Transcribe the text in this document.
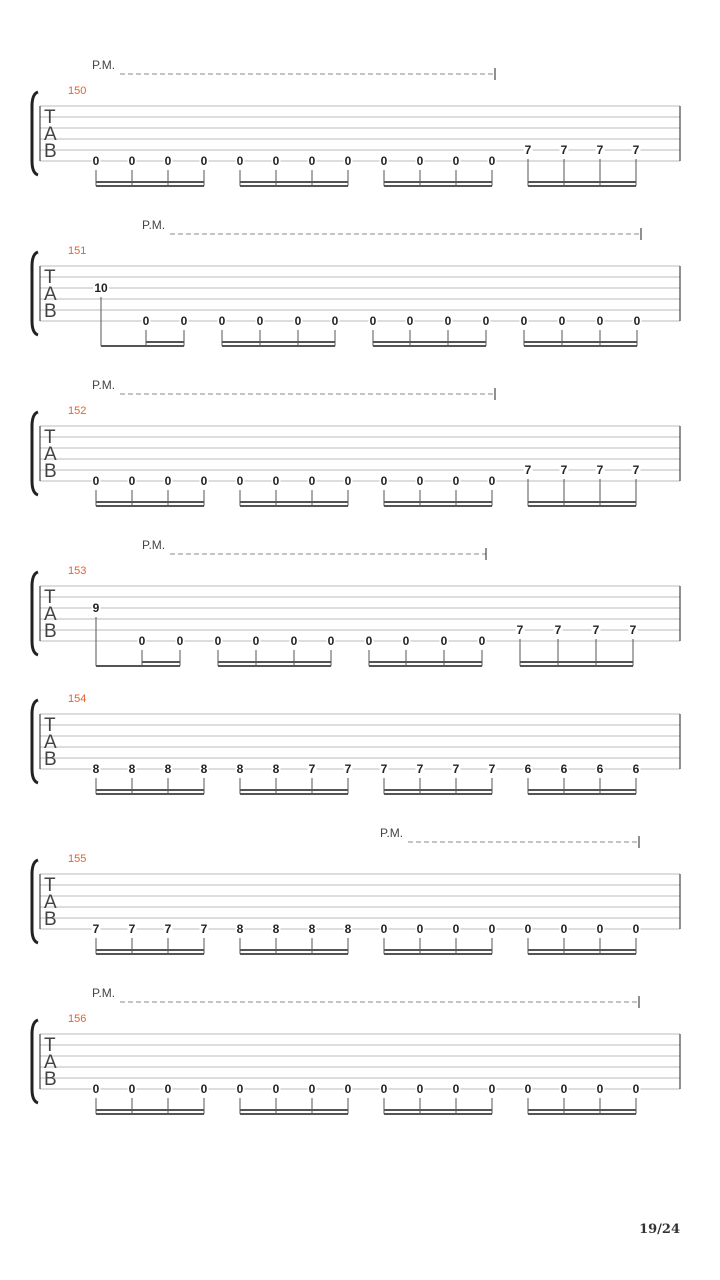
T
A
B
150
P.M.
0 0 0 0 0 0 0 0 0 0 0 0
7 7 7 7
T
A
B
151
P.M.
10
0	0	0	0	0	0	0	0	0	0	0	0	0	0
T
A
B
152
P.M.
0 0 0 0 0 0 0 0 0 0 0 0
7 7 7 7
T
A
B
153
P.M.
9
0	0	0	0	0	0	0	0	0	0
7	7	7	7
T
A
B
154
8 8 8 8 8 8 7 7 7 7 7 7 6 6 6 6
T
A
B
155
P.M.
7 7 7 7 8 8 8 8 0 0 0 0 0 0 0 0
T
A
B
156
P.M.
0 0 0 0 0 0 0 0 0 0 0 0 0 0 0 0
19/24
